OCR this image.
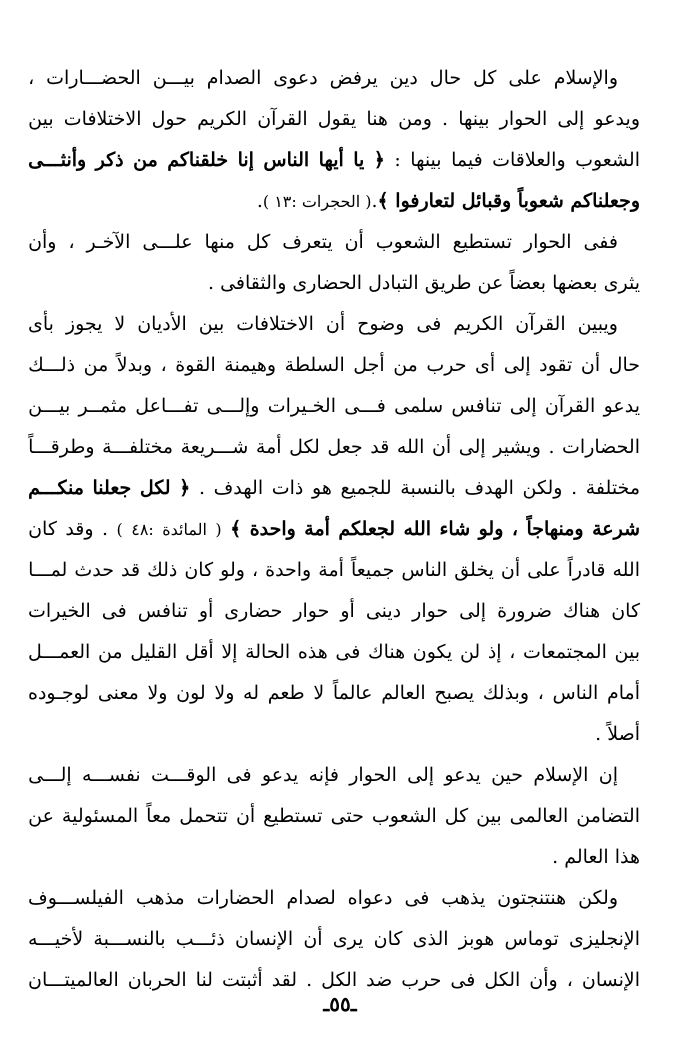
والإسلام
على
كل
حال
دين
يرفض
دعوى
الصدام
بيـــن
الحضـــارات
،
ويدعو
إلى
الحوار
بينها
.
ومن
هنا
يقول
القرآن
الكريم
حول
الاختلافات
بين
الشعوب
والعلاقات
فيما
بينها
:
﴿
يا
أيها
الناس
إنا
خلقناكم
من
ذكر
وأنثـــى
وجعلناكم شعوباً وقبائل لتعارفوا ﴾
.
( الحجرات :١٣ )
.
ففى
الحوار
تستطيع
الشعوب
أن
يتعرف
كل
منها
علـــى
الآخـر
،
وأن
يثرى بعضها بعضاً عن طريق التبادل الحضارى والثقافى .
ويبين
القرآن
الكريم
فى
وضوح
أن
الاختلافات
بين
الأديان
لا
يجوز
بأى
حال
أن
تقود
إلى
أى
حرب
من
أجل
السلطة
وهيمنة
القوة
،
وبدلاً
من
ذلـــك
يدعو
القرآن
إلى
تنافس
سلمى
فـــى
الخـيرات
وإلـــى
تفـــاعل
مثمــر
بيـــن
الحضارات
.
ويشير
إلى
أن
الله
قد
جعل
لكل
أمة
شـــريعة
مختلفـــة
وطرقـــاً
مختلفة
.
ولكن
الهدف
بالنسبة
للجميع
هو
ذات
الهدف
.
﴿
لكل
جعلنا
منكـــم
شرعة
ومنهاجاً
،
ولو
شاء
الله
لجعلكم
أمة
واحدة
﴾
(
المائدة
:٤٨
)
.
وقد
كان
الله
قادراً
على
أن
يخلق
الناس
جميعاً
أمة
واحدة
،
ولو
كان
ذلك
قد
حدث
لمـــا
كان
هناك
ضرورة
إلى
حوار
دينى
أو
حوار
حضارى
أو
تنافس
فى
الخيرات
بين
المجتمعات
،
إذ
لن
يكون
هناك
فى
هذه
الحالة
إلا
أقل
القليل
من
العمـــل
أمام
الناس
،
وبذلك
يصبح
العالم
عالماً
لا
طعم
له
ولا
لون
ولا
معنى
لوجـوده
أصلاً .
إن
الإسلام
حين
يدعو
إلى
الحوار
فإنه
يدعو
فى
الوقـــت
نفســـه
إلـــى
التضامن
العالمى
بين
كل
الشعوب
حتى
تستطيع
أن
تتحمل
معاً
المسئولية
عن
هذا العالم .
ولكن
هنتنجتون
يذهب
فى
دعواه
لصدام
الحضارات
مذهب
الفيلســـوف
الإنجليزى
توماس
هوبز
الذى
كان
يرى
أن
الإنسان
ذئـــب
بالنســـبة
لأخيـــه
الإنسان
،
وأن
الكل
فى
حرب
ضد
الكل
.
لقد
أثبتت
لنا
الحربان
العالميتـــان
ـ٥٥ـ
